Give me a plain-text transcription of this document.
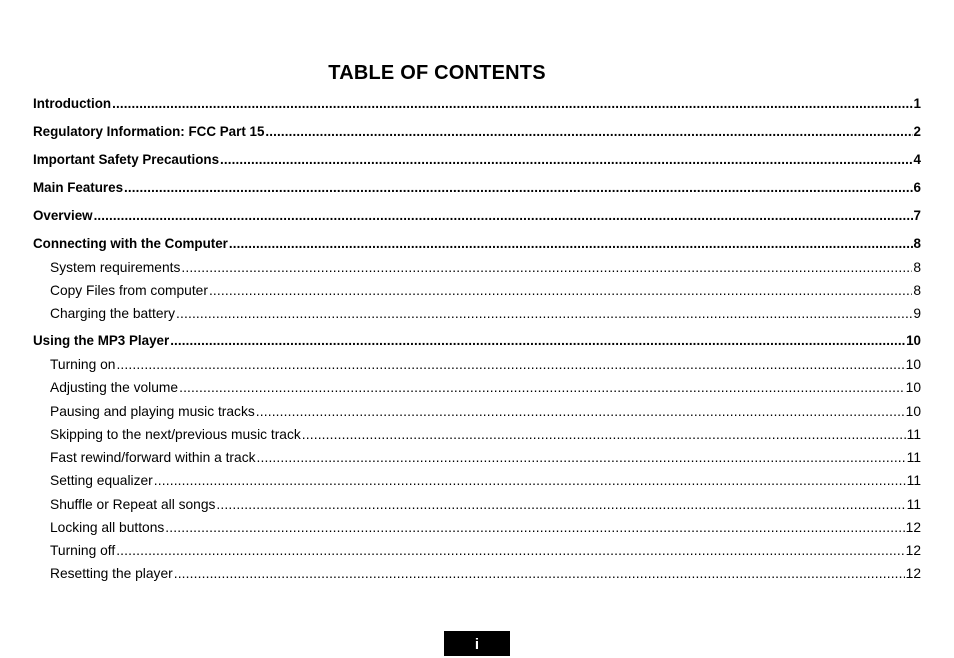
TABLE OF CONTENTS
Introduction .....	1
Regulatory Information: FCC Part 15 .....	2
Important Safety Precautions .....	4
Main Features .....	6
Overview .....	7
Connecting with the Computer .....	8
System requirements .....	8
Copy Files from computer .....	8
Charging the battery .....	9
Using the MP3 Player .....	10
Turning on .....	10
Adjusting the volume .....	10
Pausing and playing music tracks .....	10
Skipping to the next/previous music track .....	11
Fast rewind/forward within a track .....	11
Setting equalizer .....	11
Shuffle or Repeat all songs .....	11
Locking all buttons .....	12
Turning off .....	12
Resetting the player .....	12
i
